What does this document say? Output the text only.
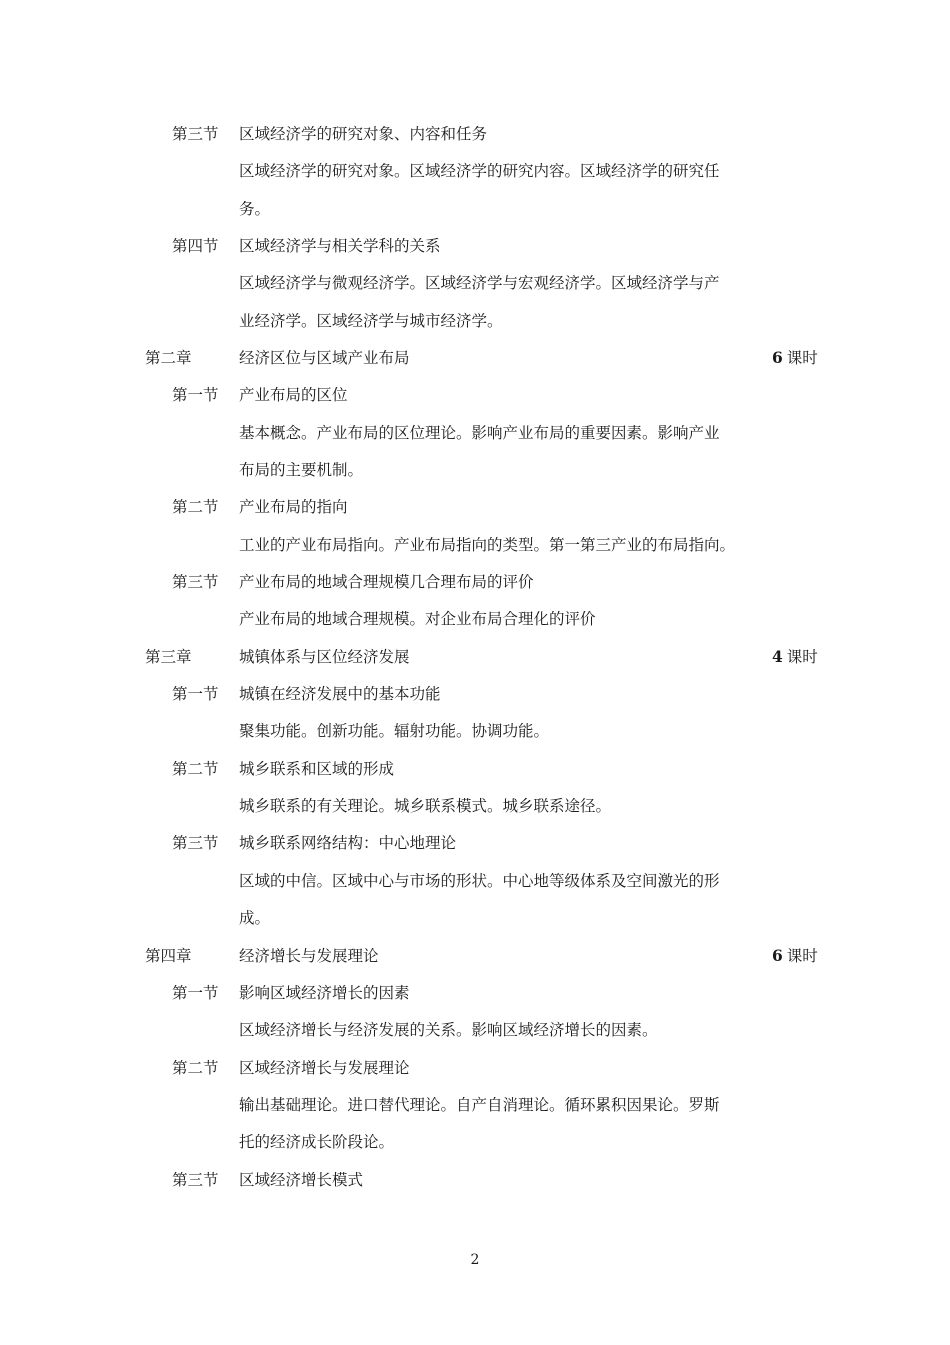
第三节 区域经济学的研究对象、内容和任务
区域经济学的研究对象。区域经济学的研究内容。区域经济学的研究任
务。
第四节 区域经济学与相关学科的关系
区域经济学与微观经济学。区域经济学与宏观经济学。区域经济学与产
业经济学。区域经济学与城市经济学。
第二章	经济区位与区域产业布局	6 课时
第一节 产业布局的区位
基本概念。产业布局的区位理论。影响产业布局的重要因素。影响产业
布局的主要机制。
第二节 产业布局的指向
工业的产业布局指向。产业布局指向的类型。第一第三产业的布局指向。
第三节 产业布局的地域合理规模几合理布局的评价
产业布局的地域合理规模。对企业布局合理化的评价
第三章	城镇体系与区位经济发展	4 课时
第一节 城镇在经济发展中的基本功能
聚集功能。创新功能。辐射功能。协调功能。
第二节 城乡联系和区域的形成
城乡联系的有关理论。城乡联系模式。城乡联系途径。
第三节 城乡联系网络结构：中心地理论
区域的中信。区域中心与市场的形状。中心地等级体系及空间激光的形
成。
第四章	经济增长与发展理论	6 课时
第一节 影响区域经济增长的因素
区域经济增长与经济发展的关系。影响区域经济增长的因素。
第二节 区域经济增长与发展理论
输出基础理论。进口替代理论。自产自消理论。循环累积因果论。罗斯
托的经济成长阶段论。
第三节 区域经济增长模式
2
